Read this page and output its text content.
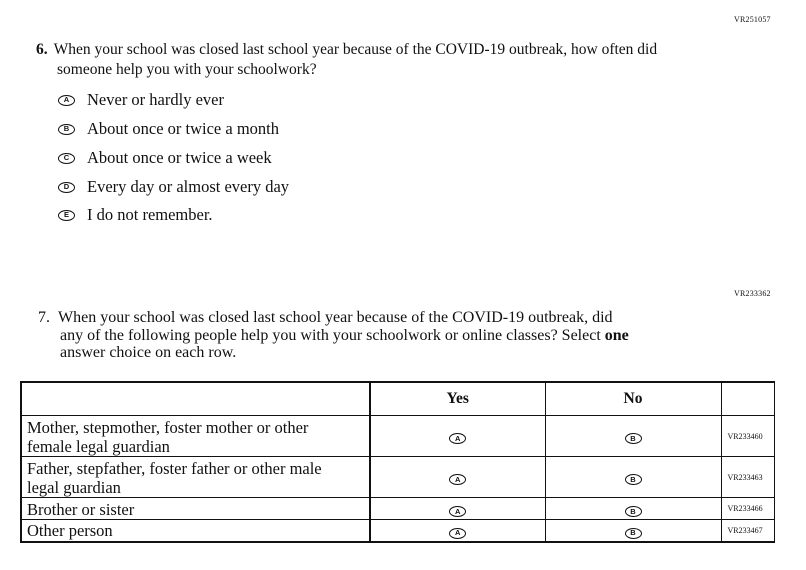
VR251057
6. When your school was closed last school year because of the COVID-19 outbreak, how often did
someone help you with your schoolwork?
A	Never or hardly ever
B	About once or twice a month
C	About once or twice a week
D	Every day or almost every day
E	I do not remember.
VR233362
7. When your school was closed last school year because of the COVID-19 outbreak, did
any of the following people help you with your schoolwork or online classes? Select one
answer choice on each row.
	Yes	No	
Mother, stepmother, foster mother or other
female legal guardian	A	B	VR233460
Father, stepfather, foster father or other male
legal guardian	A	B	VR233463
Brother or sister	A	B	VR233466
Other person	A	B	VR233467
